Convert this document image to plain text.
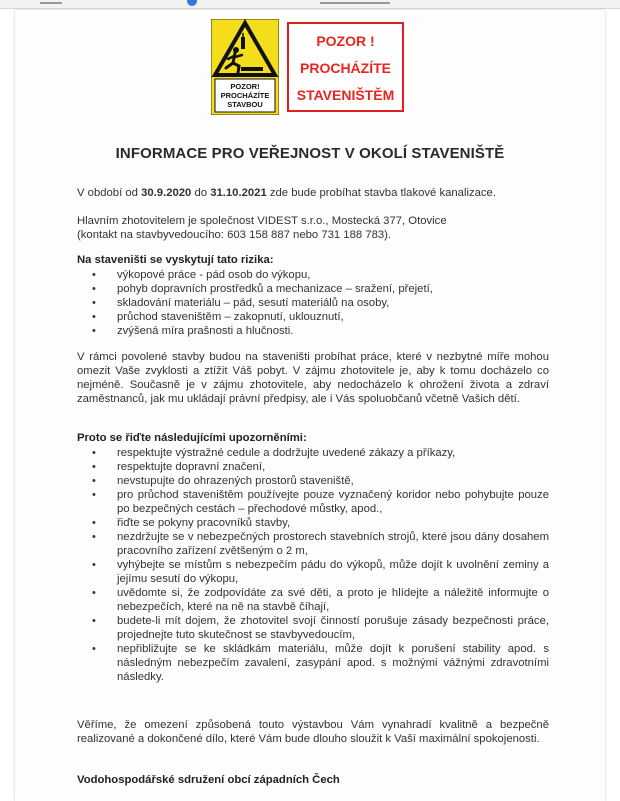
POZOR!
PROCHÁZÍTE
STAVBOU
POZOR !
PROCHÁZÍTE
STAVENIŠTĚM
INFORMACE PRO VEŘEJNOST V OKOLÍ STAVENIŠTĚ
V období od 30.9.2020 do 31.10.2021 zde bude probíhat stavba tlakové kanalizace.
Hlavním zhotovitelem je společnost VIDEST s.r.o., Mostecká 377, Otovice
(kontakt na stavbyvedoucího: 603 158 887 nebo 731 188 783).
Na staveništi se vyskytují tato rizika:
• výkopové práce - pád osob do výkopu,
• pohyb dopravních prostředků a mechanizace – sražení, přejetí,
• skladování materiálu – pád, sesutí materiálů na osoby,
• průchod staveništěm – zakopnutí, uklouznutí,
• zvýšená míra prašnosti a hlučnosti.
V rámci povolené stavby budou na staveništi probíhat práce, které v nezbytné míře mohou omezit Vaše zvyklosti a ztížit Váš pobyt. V zájmu zhotovitele je, aby k tomu docházelo co nejméně. Současně je v zájmu zhotovitele, aby nedocházelo k ohrožení života a zdraví zaměstnanců, jak mu ukládají právní předpisy, ale i Vás spoluobčanů včetně Vašich dětí.
Proto se řiďte následujícími upozorněními:
• respektujte výstražné cedule a dodržujte uvedené zákazy a příkazy,
• respektujte dopravní značení,
• nevstupujte do ohrazených prostorů staveniště,
• pro průchod staveništěm používejte pouze vyznačený koridor nebo pohybujte pouze po bezpečných cestách – přechodové můstky, apod.,
• řiďte se pokyny pracovníků stavby,
• nezdržujte se v nebezpečných prostorech stavebních strojů, které jsou dány dosahem pracovního zařízení zvětšeným o 2 m,
• vyhýbejte se místům s nebezpečím pádu do výkopů, může dojít k uvolnění zeminy a jejímu sesutí do výkopu,
• uvědomte si, že zodpovídáte za své děti, a proto je hlídejte a náležitě informujte o nebezpečích, které na ně na stavbě číhají,
• budete-li mít dojem, že zhotovitel svojí činností porušuje zásady bezpečnosti práce, projednejte tuto skutečnost se stavbyvedoucím,
• nepřibližujte se ke skládkám materiálu, může dojít k porušení stability apod. s následným nebezpečím zavalení, zasypání apod. s možnými vážnými zdravotními následky.
Věříme, že omezení způsobená touto výstavbou Vám vynahradí kvalitně a bezpečně realizované a dokončené dílo, které Vám bude dlouho sloužit k Vaší maximální spokojenosti.
Vodohospodářské sdružení obcí západních Čech
